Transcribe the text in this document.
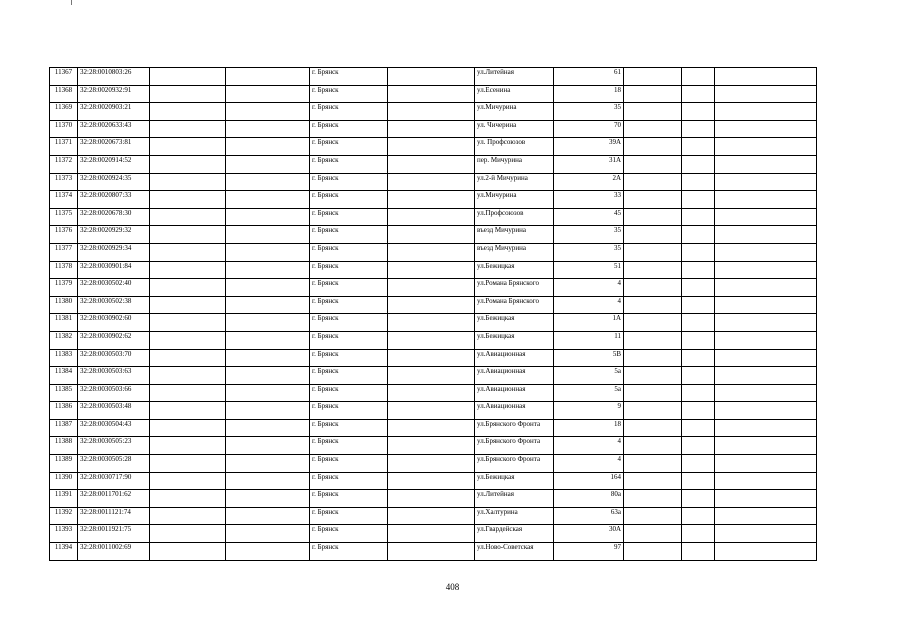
11367	32:28:0010803:26			г. Брянск		ул.Литейная	61			
11368	32:28:0020932:91			г. Брянск		ул.Есенина	18			
11369	32:28:0020903:21			г. Брянск		ул.Мичурина	35			
11370	32:28:0020633:43			г. Брянск		ул. Чичерина	70			
11371	32:28:0020673:81			г. Брянск		ул. Профсоюзов	39А			
11372	32:28:0020914:52			г. Брянск		пер. Мичурина	31А			
11373	32:28:0020924:35			г. Брянск		ул.2-й Мичурина	2А			
11374	32:28:0020807:33			г. Брянск		ул.Мичурина	33			
11375	32:28:0020678:30			г. Брянск		ул.Профсоюзов	45			
11376	32:28:0020929:32			г. Брянск		въезд Мичурина	35			
11377	32:28:0020929:34			г. Брянск		въезд Мичурина	35			
11378	32:28:0030901:84			г. Брянск		ул.Бежицкая	51			
11379	32:28:0030502:40			г. Брянск		ул.Романа Брянского	4			
11380	32:28:0030502:38			г. Брянск		ул.Романа Брянского	4			
11381	32:28:0030902:60			г. Брянск		ул.Бежицкая	1А			
11382	32:28:0030902:62			г. Брянск		ул.Бежицкая	11			
11383	32:28:0030503:70			г. Брянск		ул.Авиационная	5В			
11384	32:28:0030503:63			г. Брянск		ул.Авиационная	5а			
11385	32:28:0030503:66			г. Брянск		ул.Авиационная	5а			
11386	32:28:0030503:48			г. Брянск		ул.Авиационная	9			
11387	32:28:0030504:43			г. Брянск		ул.Брянского Фронта	18			
11388	32:28:0030505:23			г. Брянск		ул.Брянского Фронта	4			
11389	32:28:0030505:28			г. Брянск		ул.Брянского Фронта	4			
11390	32:28:0030717:90			г. Брянск		ул.Бежицкая	164			
11391	32:28:0011701:62			г. Брянск		ул.Литейная	80а			
11392	32:28:0011121:74			г. Брянск		ул.Халтурина	63а			
11393	32:28:0011921:75			г. Брянск		ул.Гвардейская	30А			
11394	32:28:0011002:69			г. Брянск		ул.Ново-Советская	97			
408
